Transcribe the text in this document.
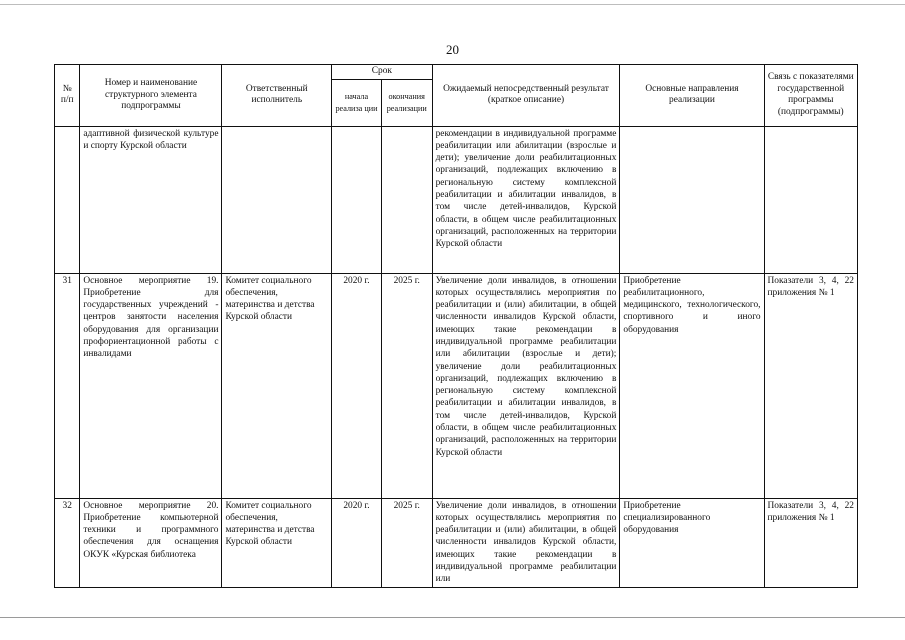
20
№ п/п	Номер и наименование структурного элемента подпрограммы	Ответственный исполнитель	Срок		Ожидаемый непосредственный результат (краткое описание)	Основные направления реализации	Связь с показателями государственной программы (подпрограммы)
			начала реализа ции	окончания реализации			
	адаптивной физической культуре и спорту Курской области				рекомендации в индивидуальной программе реабилитации или абилитации (взрослые и дети); увеличение доли реабилитационных организаций, подлежащих включению в региональную систему комплексной реабилитации и абилитации инвалидов, в том числе детей-инвалидов, Курской области, в общем числе реабилитационных организаций, расположенных на территории Курской области		
31	Основное мероприятие 19. Приобретение для государственных учреждений - центров занятости населения оборудования для организации профориентационной работы с инвалидами	Комитет социального обеспечения, материнства и детства Курской области	2020 г.	2025 г.	Увеличение доли инвалидов, в отношении которых осуществлялись мероприятия по реабилитации и (или) абилитации, в общей численности инвалидов Курской области, имеющих такие рекомендации в индивидуальной программе реабилитации или абилитации (взрослые и дети); увеличение доли реабилитационных организаций, подлежащих включению в региональную систему комплексной реабилитации и абилитации инвалидов, в том числе детей-инвалидов, Курской области, в общем числе реабилитационных организаций, расположенных на территории Курской области	Приобретение реабилитационного, медицинского, технологического, спортивного и иного оборудования	Показатели 3, 4, 22 приложения № 1
32	Основное мероприятие 20. Приобретение компьютерной техники и программного обеспечения для оснащения ОКУК «Курская библиотека	Комитет социального обеспечения, материнства и детства Курской области	2020 г.	2025 г.	Увеличение доли инвалидов, в отношении которых осуществлялись мероприятия по реабилитации и (или) абилитации, в общей численности инвалидов Курской области, имеющих такие рекомендации в индивидуальной программе реабилитации или	Приобретение специализированного оборудования	Показатели 3, 4, 22 приложения № 1
